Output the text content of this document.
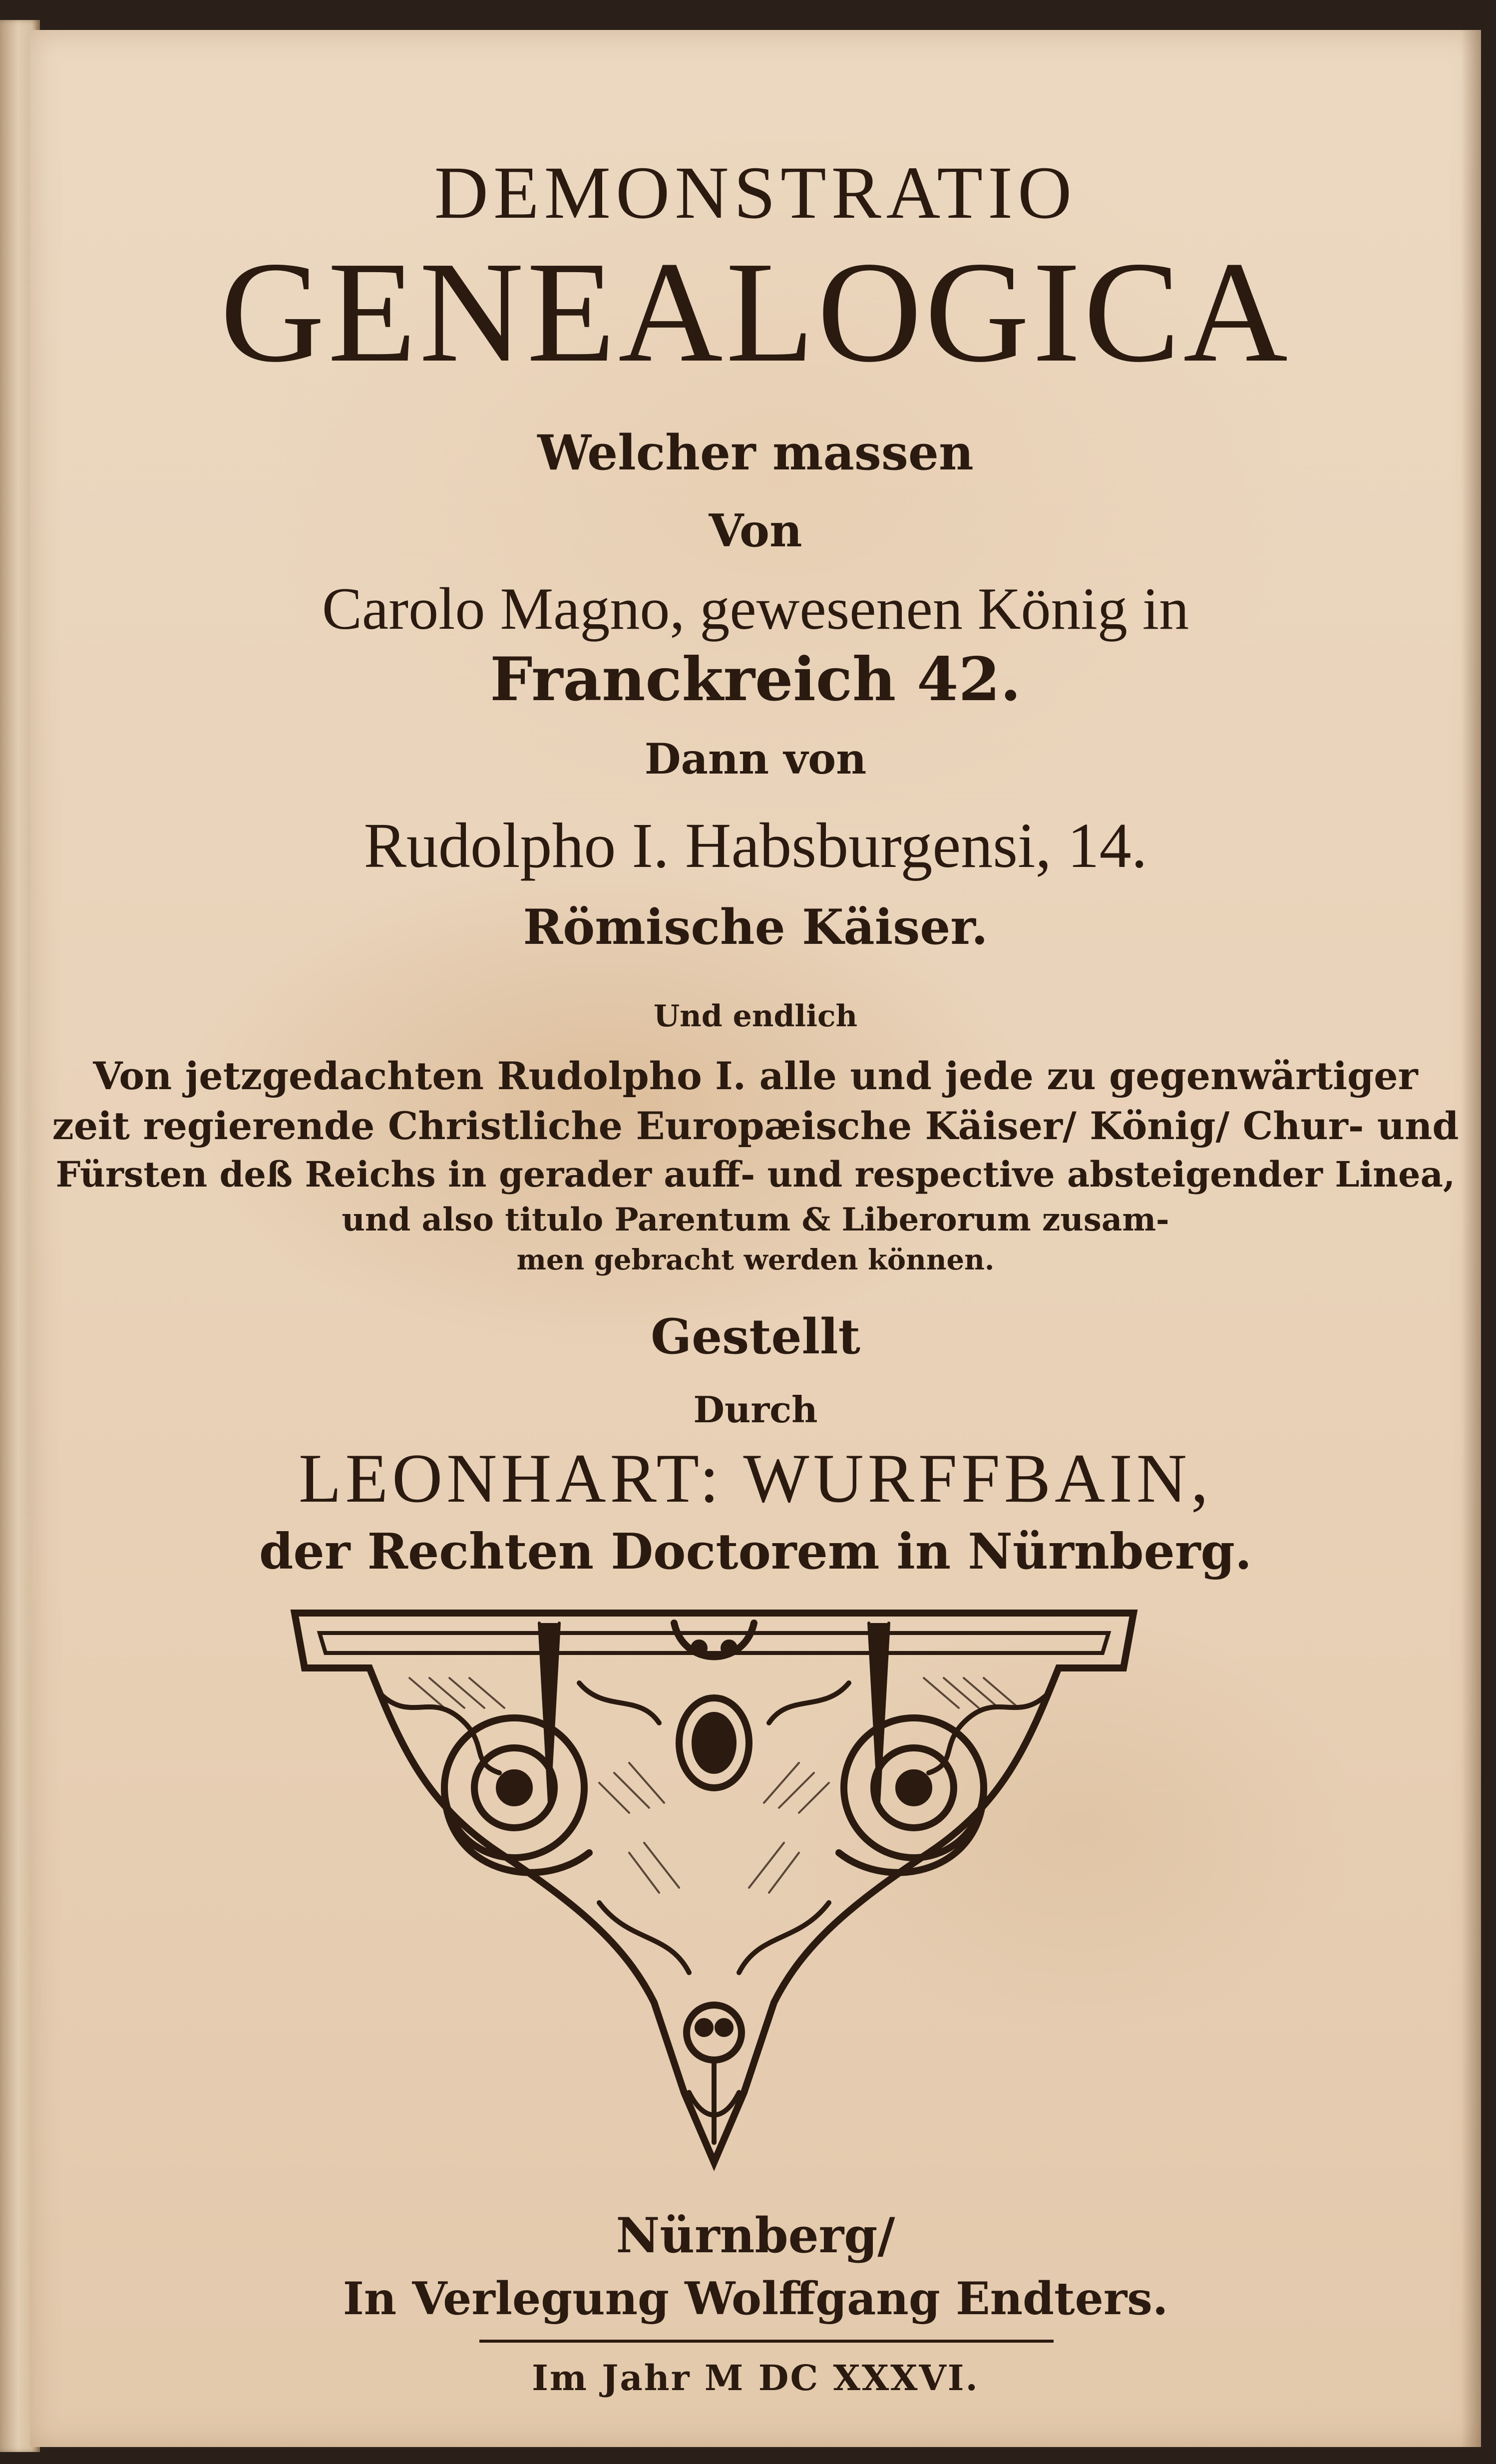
DEMONSTRATIO
GENEALOGICA
Welcher massen
Von
Carolo Magno, gewesenen König in
Franckreich 42.
Dann von
Rudolpho I. Habsburgensi, 14.
Römische Käiser.
Und endlich
Von jetzgedachten Rudolpho I. alle und jede zu gegenwärtiger
zeit regierende Christliche Europæische Käiser/ König/ Chur- und
Fürsten deß Reichs in gerader auff- und respective absteigender Linea,
und also titulo Parentum & Liberorum zusam-
men gebracht werden können.
Gestellt
Durch
LEONHART: WURFFBAIN,
der Rechten Doctorem in Nürnberg.
Nürnberg/
In Verlegung Wolffgang Endters.
Im Jahr M DC XXXVI.
